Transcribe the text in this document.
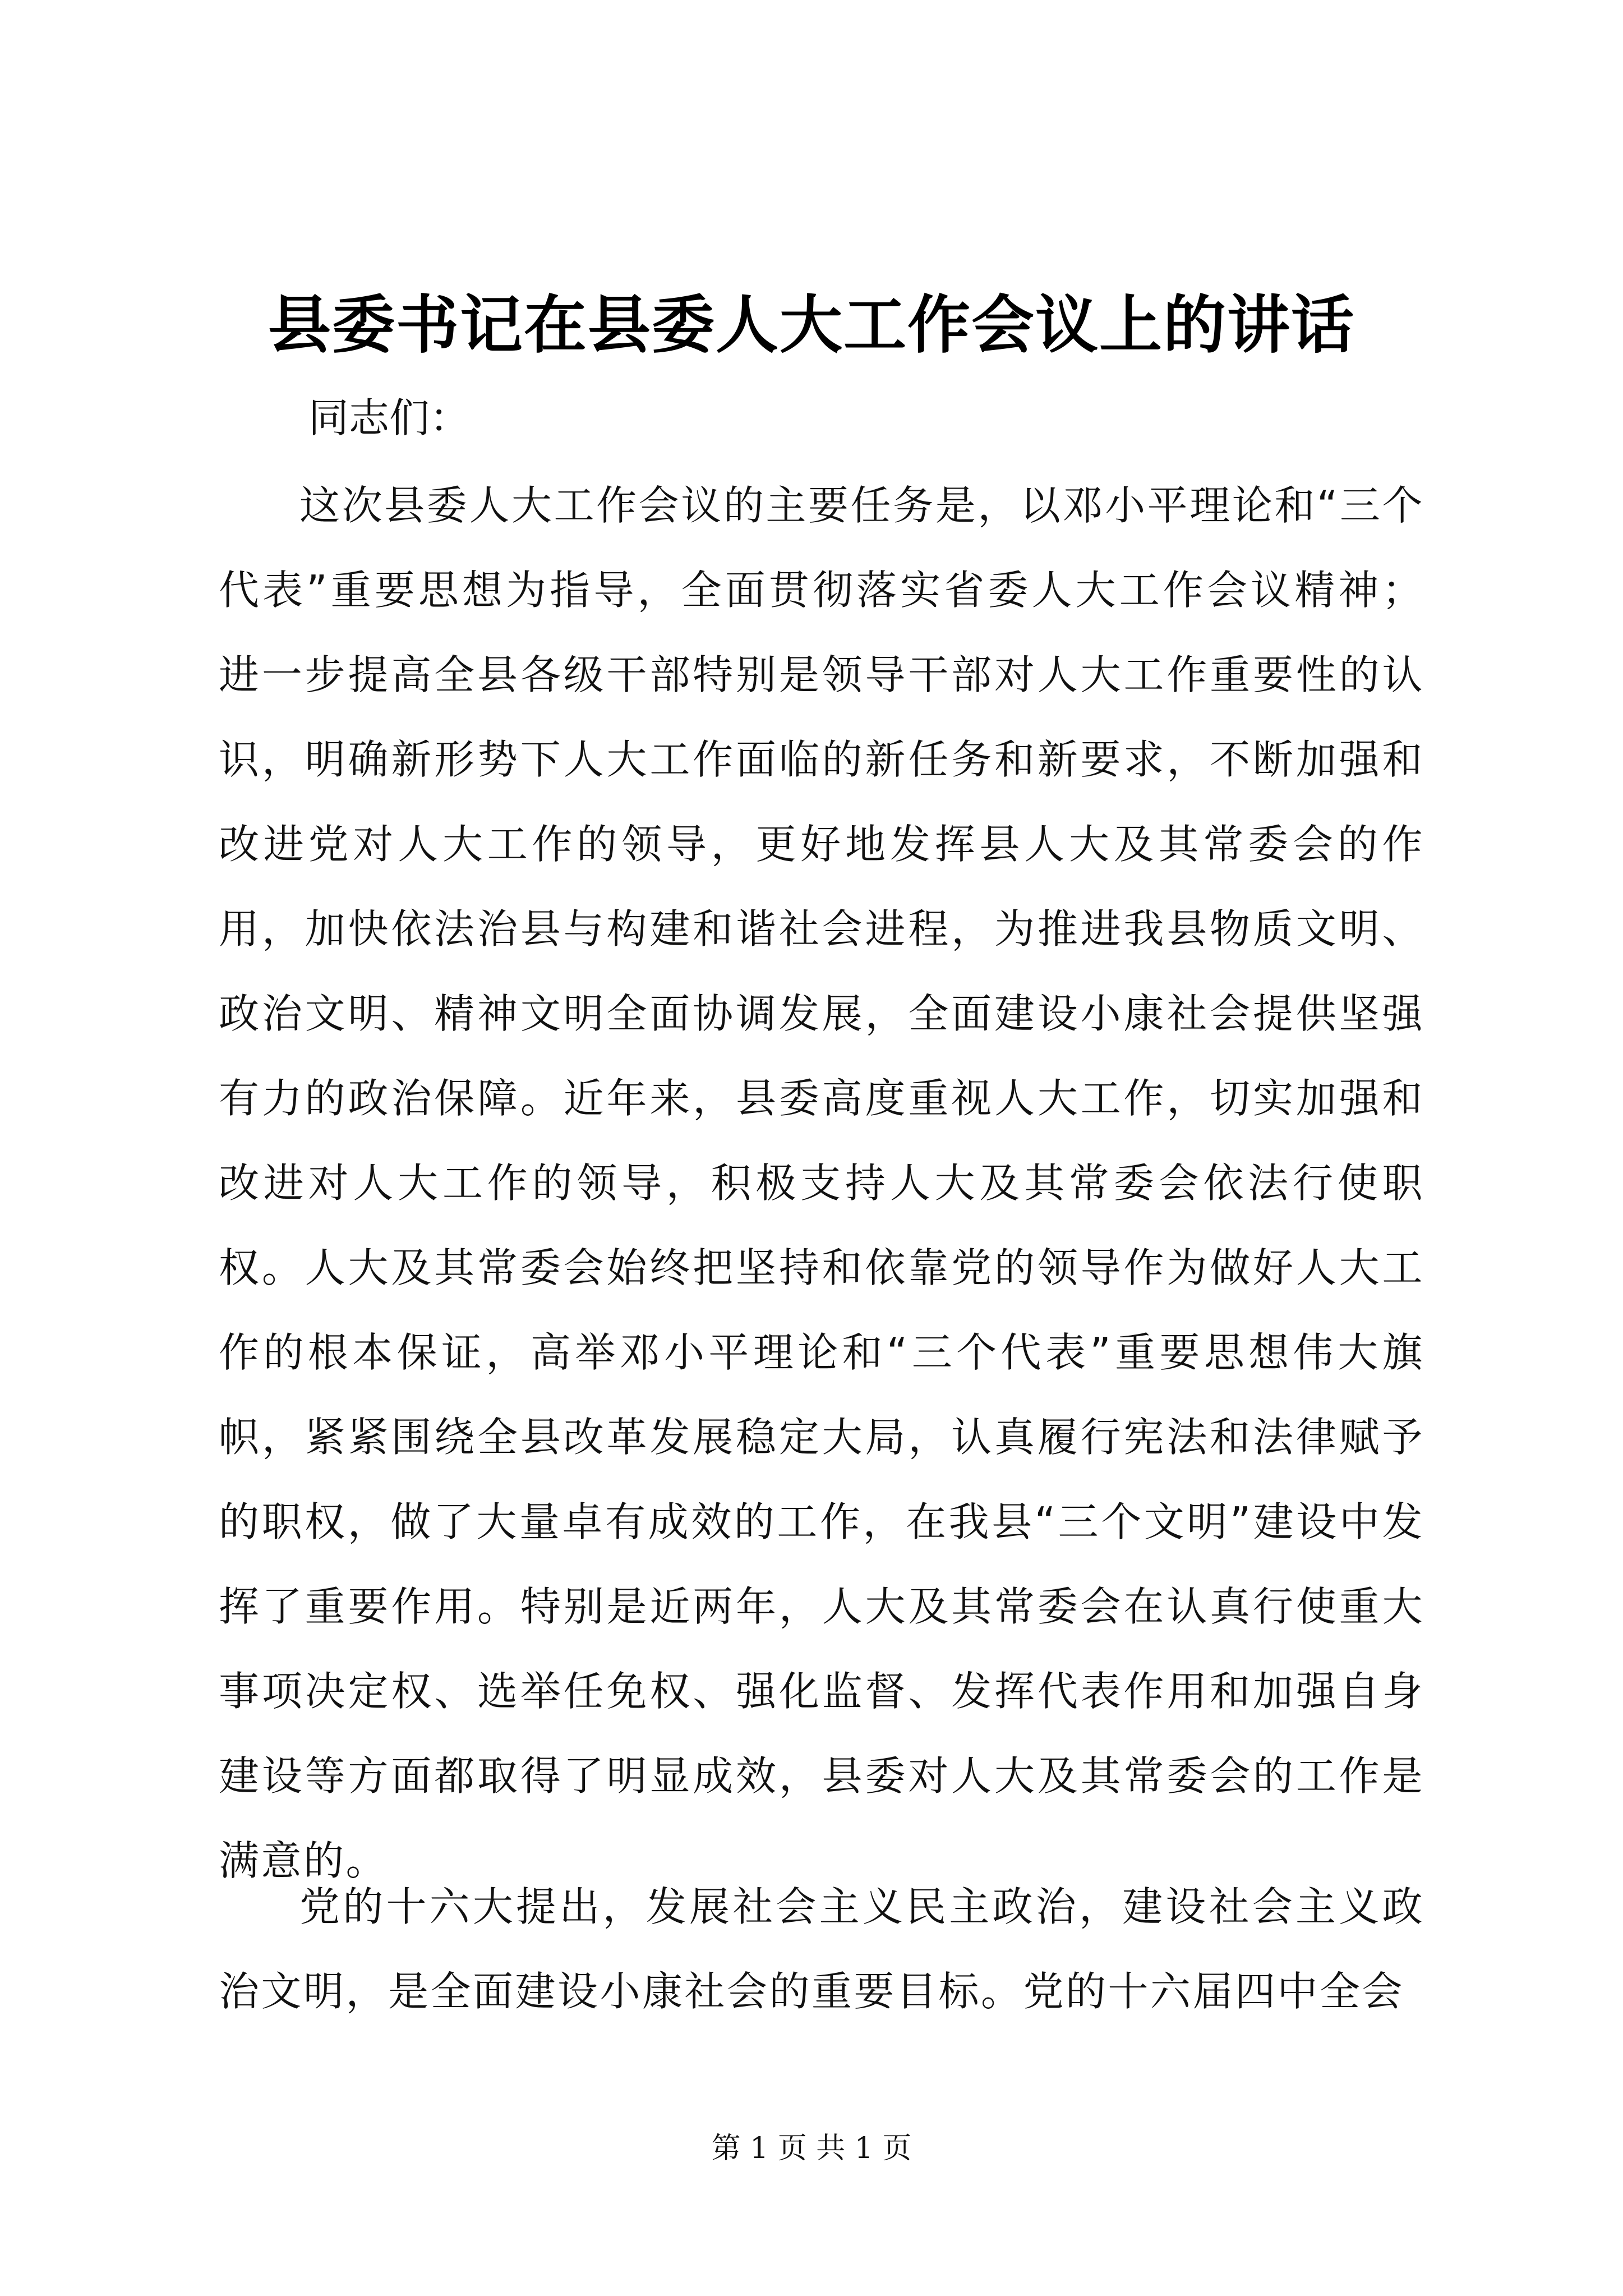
县委书记在县委人大工作会议上的讲话

同志们：

这次县委人大工作会议的主要任务是，以邓小平理论和“三个代表”重要思想为指导，全面贯彻落实省委人大工作会议精神；进一步提高全县各级干部特别是领导干部对人大工作重要性的认识，明确新形势下人大工作面临的新任务和新要求，不断加强和改进党对人大工作的领导，更好地发挥县人大及其常委会的作用，加快依法治县与构建和谐社会进程，为推进我县物质文明、政治文明、精神文明全面协调发展，全面建设小康社会提供坚强有力的政治保障。近年来，县委高度重视人大工作，切实加强和改进对人大工作的领导，积极支持人大及其常委会依法行使职权。人大及其常委会始终把坚持和依靠党的领导作为做好人大工作的根本保证，高举邓小平理论和“三个代表”重要思想伟大旗帜，紧紧围绕全县改革发展稳定大局，认真履行宪法和法律赋予的职权，做了大量卓有成效的工作，在我县“三个文明”建设中发挥了重要作用。特别是近两年，人大及其常委会在认真行使重大事项决定权、选举任免权、强化监督、发挥代表作用和加强自身建设等方面都取得了明显成效，县委对人大及其常委会的工作是满意的。

党的十六大提出，发展社会主义民主政治，建设社会主义政治文明，是全面建设小康社会的重要目标。党的十六届四中全会

第 1 页 共 1 页
